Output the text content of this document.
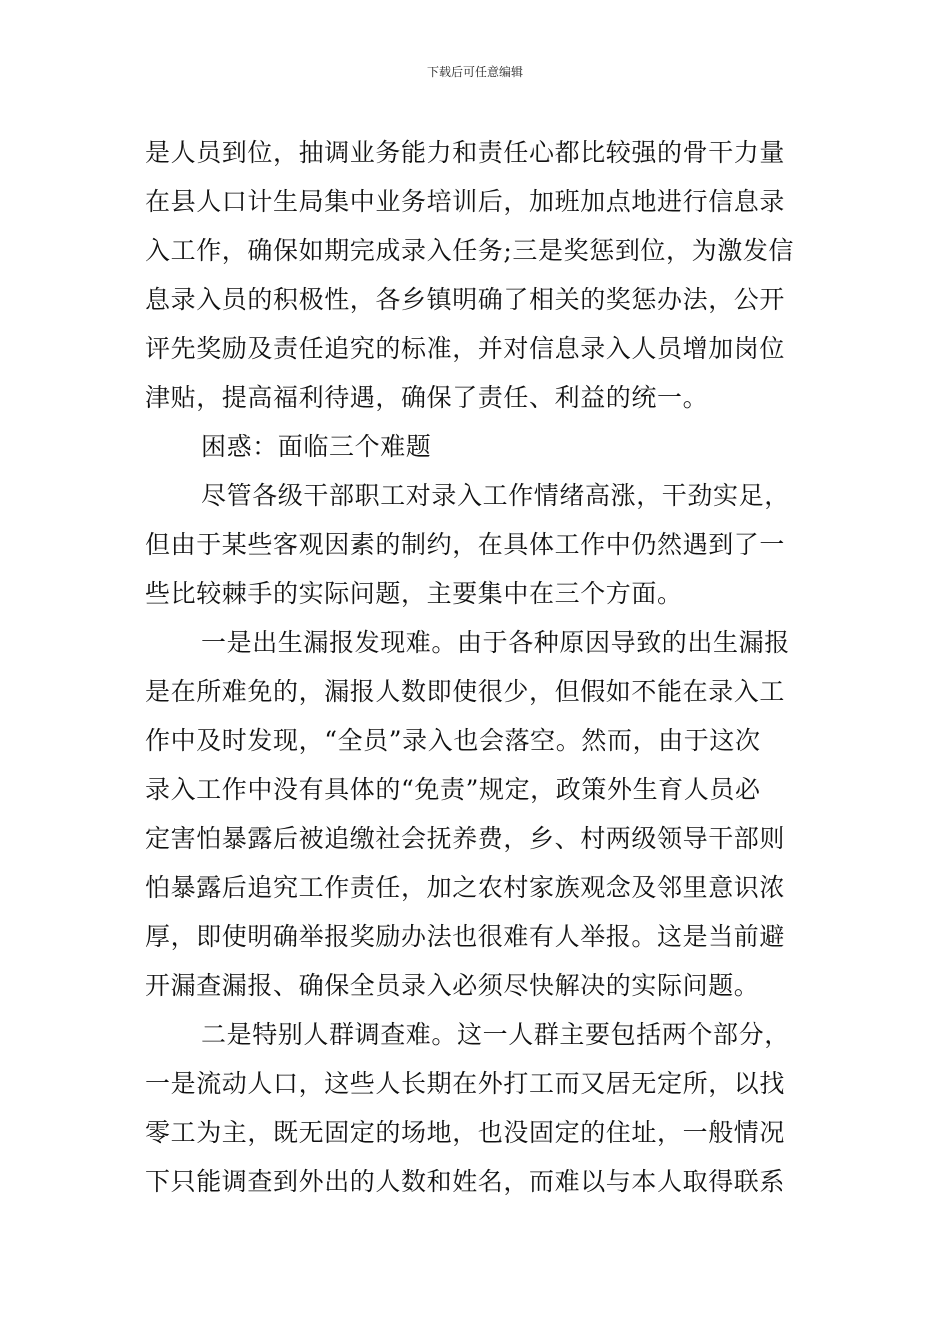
下载后可任意编辑
是人员到位，抽调业务能力和责任心都比较强的骨干力量
在县人口计生局集中业务培训后，加班加点地进行信息录
入工作，确保如期完成录入任务;三是奖惩到位，为激发信
息录入员的积极性，各乡镇明确了相关的奖惩办法，公开
评先奖励及责任追究的标准，并对信息录入人员增加岗位
津贴，提高福利待遇，确保了责任、利益的统一。
困惑：面临三个难题
尽管各级干部职工对录入工作情绪高涨，干劲实足，
但由于某些客观因素的制约，在具体工作中仍然遇到了一
些比较棘手的实际问题，主要集中在三个方面。
一是出生漏报发现难。由于各种原因导致的出生漏报
是在所难免的，漏报人数即使很少，但假如不能在录入工
作中及时发现，“全员”录入也会落空。然而，由于这次
录入工作中没有具体的“免责”规定，政策外生育人员必
定害怕暴露后被追缴社会抚养费，乡、村两级领导干部则
怕暴露后追究工作责任，加之农村家族观念及邻里意识浓
厚，即使明确举报奖励办法也很难有人举报。这是当前避
开漏查漏报、确保全员录入必须尽快解决的实际问题。
二是特别人群调查难。这一人群主要包括两个部分，
一是流动人口，这些人长期在外打工而又居无定所，以找
零工为主，既无固定的场地，也没固定的住址，一般情况
下只能调查到外出的人数和姓名，而难以与本人取得联系
